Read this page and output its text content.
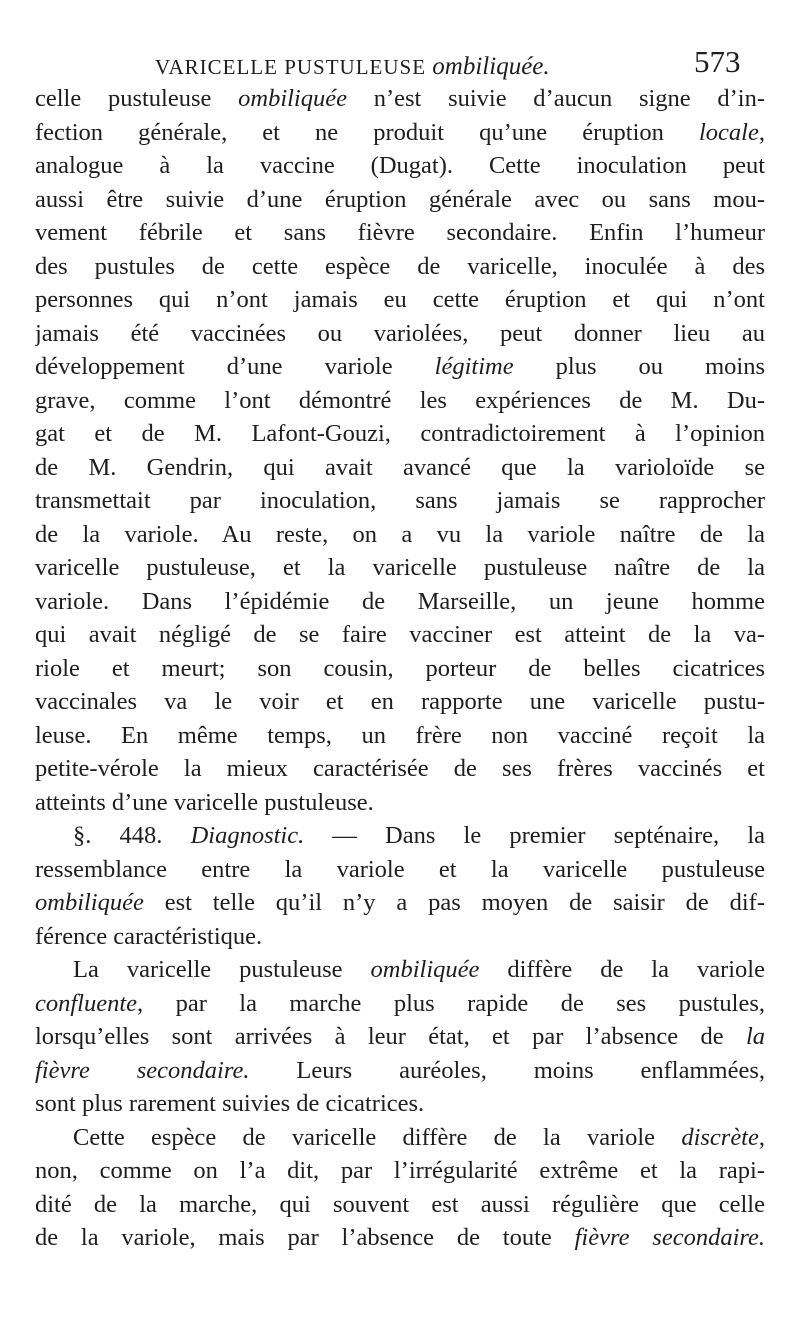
VARICELLE PUSTULEUSE ombiliquée.	573
celle pustuleuse ombiliquée n’est suivie d’aucun signe d’in-
fection générale, et ne produit qu’une éruption locale,
analogue à la vaccine (Dugat). Cette inoculation peut
aussi être suivie d’une éruption générale avec ou sans mou-
vement fébrile et sans fièvre secondaire. Enfin l’humeur
des pustules de cette espèce de varicelle, inoculée à des
personnes qui n’ont jamais eu cette éruption et qui n’ont
jamais été vaccinées ou variolées, peut donner lieu au
développement d’une variole légitime plus ou moins
grave, comme l’ont démontré les expériences de M. Du-
gat et de M. Lafont-Gouzi, contradictoirement à l’opinion
de M. Gendrin, qui avait avancé que la varioloïde se
transmettait par inoculation, sans jamais se rapprocher
de la variole. Au reste, on a vu la variole naître de la
varicelle pustuleuse, et la varicelle pustuleuse naître de la
variole. Dans l’épidémie de Marseille, un jeune homme
qui avait négligé de se faire vacciner est atteint de la va-
riole et meurt; son cousin, porteur de belles cicatrices
vaccinales va le voir et en rapporte une varicelle pustu-
leuse. En même temps, un frère non vacciné reçoit la
petite-vérole la mieux caractérisée de ses frères vaccinés et
atteints d’une varicelle pustuleuse.
§. 448. Diagnostic. — Dans le premier septénaire, la
ressemblance entre la variole et la varicelle pustuleuse
ombiliquée est telle qu’il n’y a pas moyen de saisir de dif-
férence caractéristique.
La varicelle pustuleuse ombiliquée diffère de la variole
confluente, par la marche plus rapide de ses pustules,
lorsqu’elles sont arrivées à leur état, et par l’absence de la
fièvre secondaire. Leurs auréoles, moins enflammées,
sont plus rarement suivies de cicatrices.
Cette espèce de varicelle diffère de la variole discrète,
non, comme on l’a dit, par l’irrégularité extrême et la rapi-
dité de la marche, qui souvent est aussi régulière que celle
de la variole, mais par l’absence de toute fièvre secondaire.
